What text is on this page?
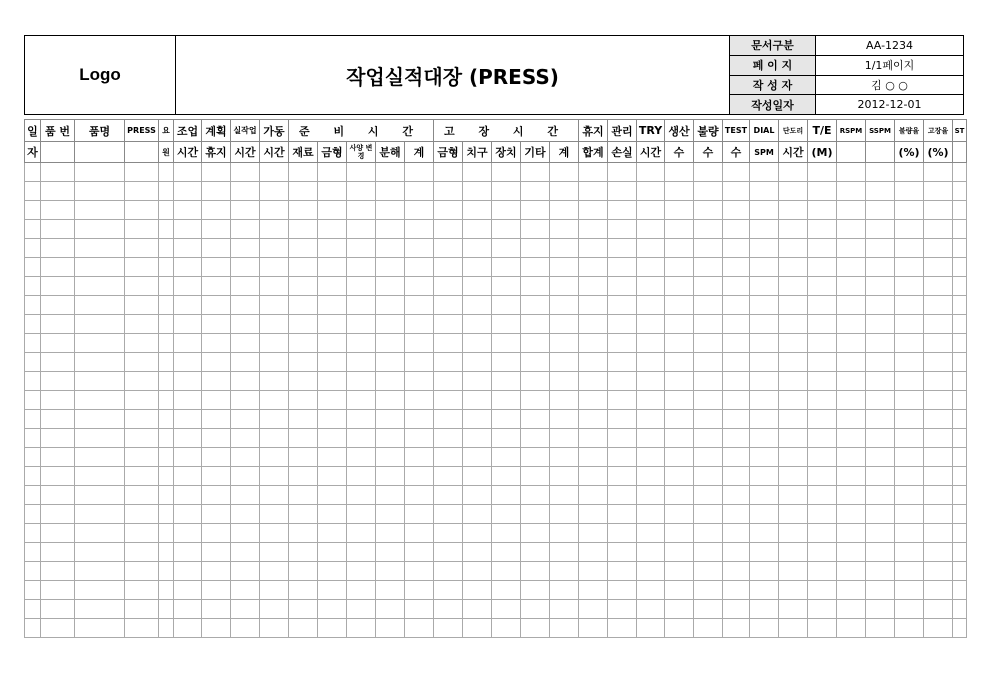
Logo	작업실적대장 (PRESS)
문서구분	AA-1234
페 이 지	1/1페이지
작 성 자	김 ○ ○
작성일자	2012-12-01
일	품 번	품명	PRESS	요	조업	계획	실작업	가동	준 비 시 간					고 장 시 간					휴지	관리	TRY	생산	불량	TEST	DIAL	단도리	T/E	RSPM	SSPM	불량율	고장율	ST
자				원	시간	휴지	시간	시간	재료	금형	사양 변경	분해	계	금형	치구	장치	기타	계	합계	손실	시간	수	수	수	SPM	시간	(M)			(%)	(%)	
